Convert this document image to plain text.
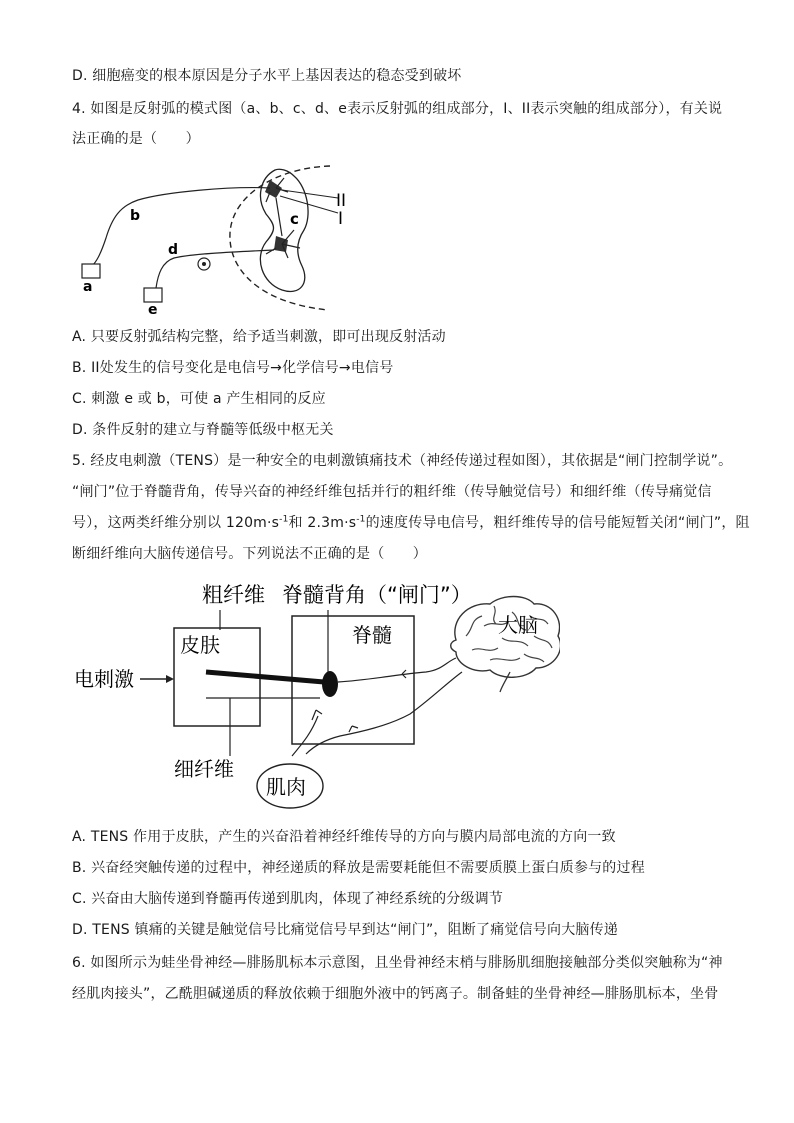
D. 细胞癌变的根本原因是分子水平上基因表达的稳态受到破坏
4. 如图是反射弧的模式图（a、b、c、d、e表示反射弧的组成部分，I、II表示突触的组成部分），有关说
法正确的是（　　）
a
b	c
d
e
II
I
A. 只要反射弧结构完整，给予适当刺激，即可出现反射活动
B. II处发生的信号变化是电信号→化学信号→电信号
C. 刺激 e 或 b，可使 a 产生相同的反应
D. 条件反射的建立与脊髓等低级中枢无关
5. 经皮电刺激（TENS）是一种安全的电刺激镇痛技术（神经传递过程如图），其依据是“闸门控制学说”。
“闸门”位于脊髓背角，传导兴奋的神经纤维包括并行的粗纤维（传导触觉信号）和细纤维（传导痛觉信
号），这两类纤维分别以 $120m\cdot s^{-1}$和 $2.3m\cdot s^{-1}$的速度传导电信号，粗纤维传导的信号能短暂关闭“闸门”，阻
断细纤维向大脑传递信号。下列说法不正确的是（　　）
粗纤维 脊髓背角（“闸门”）
皮肤	脊髓
电刺激
大脑
细纤维
肌肉
A. TENS 作用于皮肤，产生的兴奋沿着神经纤维传导的方向与膜内局部电流的方向一致
B. 兴奋经突触传递的过程中，神经递质的释放是需要耗能但不需要质膜上蛋白质参与的过程
C. 兴奋由大脑传递到脊髓再传递到肌肉，体现了神经系统的分级调节
D. TENS 镇痛的关键是触觉信号比痛觉信号早到达“闸门”，阻断了痛觉信号向大脑传递
6. 如图所示为蛙坐骨神经—腓肠肌标本示意图，且坐骨神经末梢与腓肠肌细胞接触部分类似突触称为“神
经肌肉接头”，乙酰胆碱递质的释放依赖于细胞外液中的钙离子。制备蛙的坐骨神经—腓肠肌标本，坐骨
